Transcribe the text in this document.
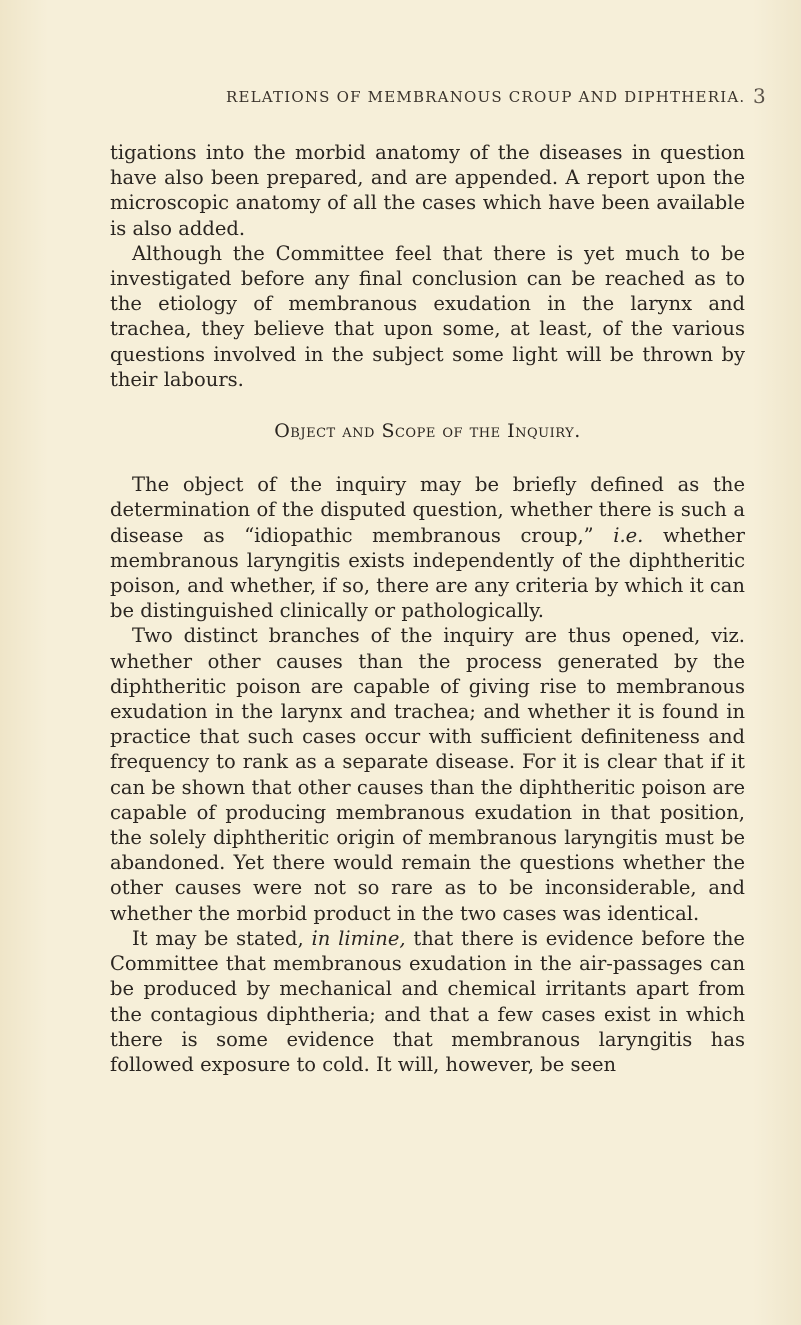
RELATIONS OF MEMBRANOUS CROUP AND DIPHTHERIA. 3

tigations into the morbid anatomy of the diseases in question have also been prepared, and are appended. A report upon the microscopic anatomy of all the cases which have been available is also added.

Although the Committee feel that there is yet much to be investigated before any final conclusion can be reached as to the etiology of membranous exudation in the larynx and trachea, they believe that upon some, at least, of the various questions involved in the subject some light will be thrown by their labours.

Object and Scope of the Inquiry.

The object of the inquiry may be briefly defined as the determination of the disputed question, whether there is such a disease as “idiopathic membranous croup,” i.e. whether membranous laryngitis exists independently of the diphtheritic poison, and whether, if so, there are any criteria by which it can be distinguished clinically or pathologically.

Two distinct branches of the inquiry are thus opened, viz. whether other causes than the process generated by the diphtheritic poison are capable of giving rise to membranous exudation in the larynx and trachea; and whether it is found in practice that such cases occur with sufficient definiteness and frequency to rank as a separate disease. For it is clear that if it can be shown that other causes than the diphtheritic poison are capable of producing membranous exudation in that position, the solely diphtheritic origin of membranous laryngitis must be abandoned. Yet there would remain the questions whether the other causes were not so rare as to be inconsiderable, and whether the morbid product in the two cases was identical.

It may be stated, in limine, that there is evidence before the Committee that membranous exudation in the air-passages can be produced by mechanical and chemical irritants apart from the contagious diphtheria; and that a few cases exist in which there is some evidence that membranous laryngitis has followed exposure to cold. It will, however, be seen
